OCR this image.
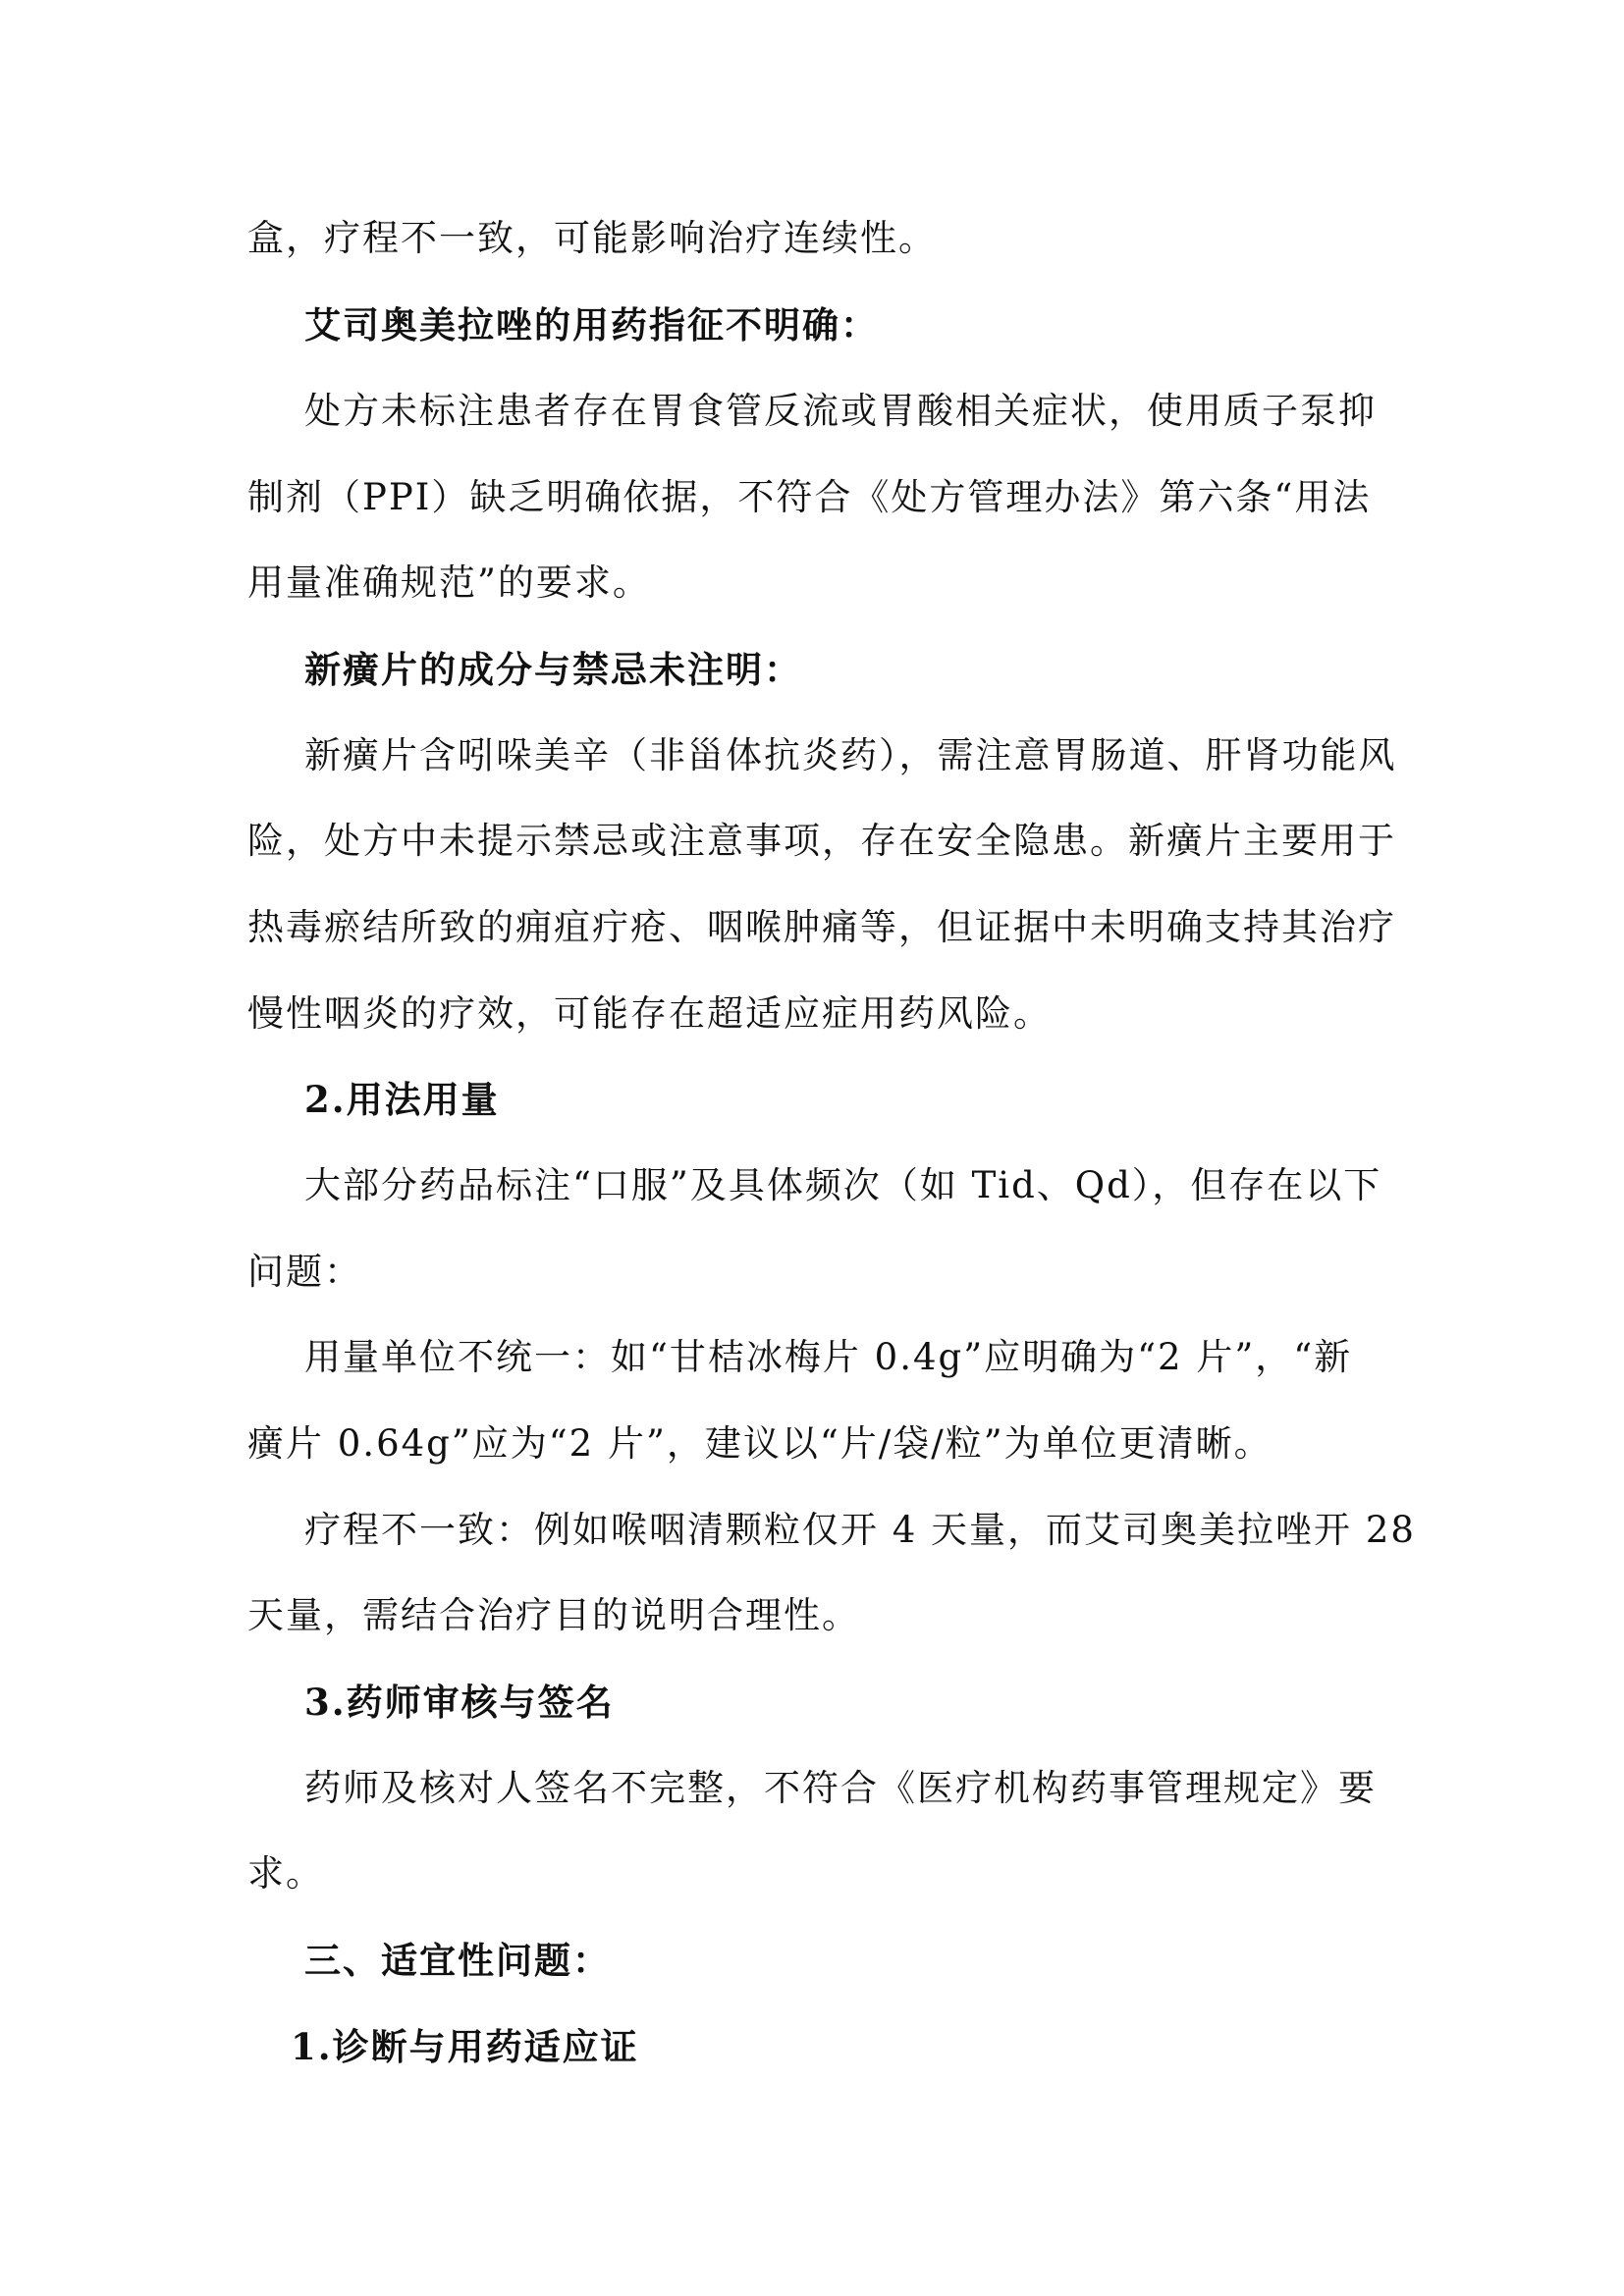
盒，疗程不一致，可能影响治疗连续性。
艾司奥美拉唑的用药指征不明确：
处方未标注患者存在胃食管反流或胃酸相关症状，使用质子泵抑
制剂（PPI）缺乏明确依据，不符合《处方管理办法》第六条“用法
用量准确规范”的要求。
新癀片的成分与禁忌未注明：
新癀片含吲哚美辛（非甾体抗炎药），需注意胃肠道、肝肾功能风
险，处方中未提示禁忌或注意事项，存在安全隐患。新癀片主要用于
热毒瘀结所致的痈疽疔疮、咽喉肿痛等，但证据中未明确支持其治疗
慢性咽炎的疗效，可能存在超适应症用药风险。
2.用法用量
大部分药品标注“口服”及具体频次（如 Tid、Qd），但存在以下
问题：
用量单位不统一：如“甘桔冰梅片 0.4g”应明确为“2 片”，“新
癀片 0.64g”应为“2 片”，建议以“片/袋/粒”为单位更清晰。
疗程不一致：例如喉咽清颗粒仅开 4 天量，而艾司奥美拉唑开 28
天量，需结合治疗目的说明合理性。
3.药师审核与签名
药师及核对人签名不完整，不符合《医疗机构药事管理规定》要
求。
三、适宜性问题：
1.诊断与用药适应证
